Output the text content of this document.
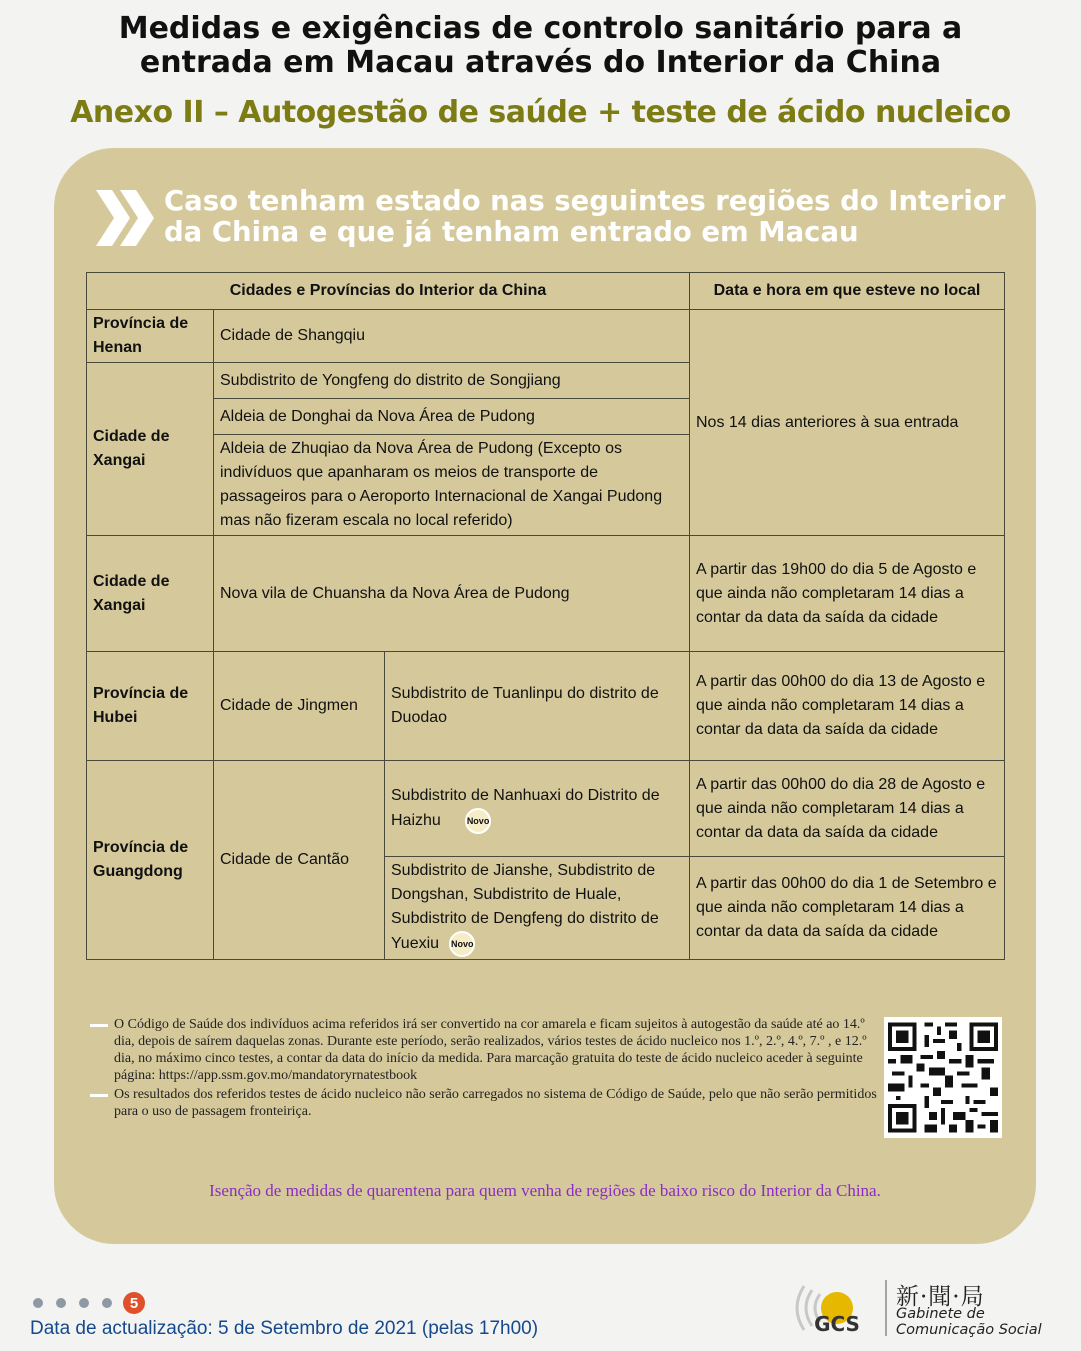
Medidas e exigências de controlo sanitário para a
entrada em Macau através do Interior da China
Anexo II – Autogestão de saúde + teste de ácido nucleico
Caso tenham estado nas seguintes regiões do Interior
da China e que já tenham entrado em Macau
Cidades e Províncias do Interior da China			Data e hora em que esteve no local
Província de Henan	Cidade de Shangqiu		Nos 14 dias anteriores à sua entrada
Cidade de Xangai	Subdistrito de Yongfeng do distrito de Songjiang		
	Aldeia de Donghai da Nova Área de Pudong		
	Aldeia de Zhuqiao da Nova Área de Pudong (Excepto os indivíduos que apanharam os meios de transporte de passageiros para o Aeroporto Internacional de Xangai Pudong mas não fizeram escala no local referido)		
Cidade de Xangai	Nova vila de Chuansha da Nova Área de Pudong		A partir das 19h00 do dia 5 de Agosto e que ainda não completaram 14 dias a contar da data da saída da cidade
Província de Hubei	Cidade de Jingmen	Subdistrito de Tuanlinpu do distrito de Duodao	A partir das 00h00 do dia 13 de Agosto e que ainda não completaram 14 dias a contar da data da saída da cidade
Província de Guangdong	Cidade de Cantão	Subdistrito de Nanhuaxi do Distrito de Haizhu Novo	A partir das 00h00 do dia 28 de Agosto e que ainda não completaram 14 dias a contar da data da saída da cidade
		Subdistrito de Jianshe, Subdistrito de Dongshan, Subdistrito de Huale, Subdistrito de Dengfeng do distrito de Yuexiu Novo	A partir das 00h00 do dia 1 de Setembro e que ainda não completaram 14 dias a contar da data da saída da cidade
O Código de Saúde dos indivíduos acima referidos irá ser convertido na cor amarela e ficam sujeitos à autogestão da saúde até ao 14.º dia, depois de saírem daquelas zonas. Durante este período, serão realizados, vários testes de ácido nucleico nos 1.º, 2.º, 4.º, 7.º , e 12.º dia, no máximo cinco testes, a contar da data do início da medida. Para marcação gratuita do teste de ácido nucleico aceder à seguinte página: https://app.ssm.gov.mo/mandatoryrnatestbook
Os resultados dos referidos testes de ácido nucleico não serão carregados no sistema de Código de Saúde, pelo que não serão permitidos para o uso de passagem fronteiriça.
Isenção de medidas de quarentena para quem venha de regiões de baixo risco do Interior da China.
5
Data de actualização: 5 de Setembro de 2021 (pelas 17h00)	GCS
新·聞·局
Gabinete de
Comunicação Social
